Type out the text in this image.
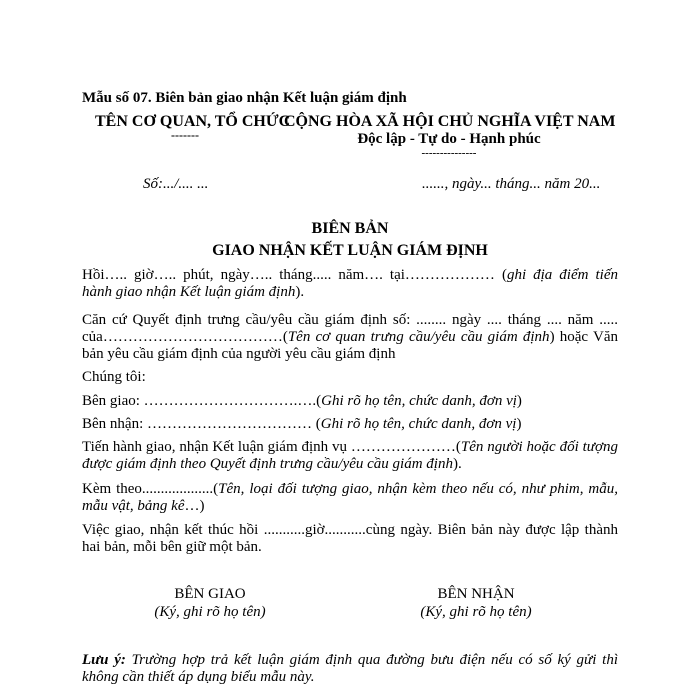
Mẫu số 07. Biên bản giao nhận Kết luận giám định
TÊN CƠ QUAN, TỔ CHỨC
-------
CỘNG HÒA XÃ HỘI CHỦ NGHĨA VIỆT NAM
Độc lập - Tự do - Hạnh phúc
---------------
Số:.../.... ...	......, ngày... tháng... năm 20...
BIÊN BẢN
GIAO NHẬN KẾT LUẬN GIÁM ĐỊNH
Hồi….. giờ….. phút, ngày….. tháng..... năm…. tại……………… (ghi địa điểm tiến hành giao nhận Kết luận giám định).
Căn cứ Quyết định trưng cầu/yêu cầu giám định số: ........ ngày .... tháng .... năm ..... của………………………………(Tên cơ quan trưng cầu/yêu cầu giám định) hoặc Văn bản yêu cầu giám định của người yêu cầu giám định
Chúng tôi:
Bên giao: ………………………….….(Ghi rõ họ tên, chức danh, đơn vị)
Bên nhận: …………………………… (Ghi rõ họ tên, chức danh, đơn vị)
Tiến hành giao, nhận Kết luận giám định vụ …………………(Tên người hoặc đối tượng được giám định theo Quyết định trưng cầu/yêu cầu giám định).
Kèm theo...................(Tên, loại đối tượng giao, nhận kèm theo nếu có, như phim, mẫu, mẫu vật, bảng kê…)
Việc giao, nhận kết thúc hồi ...........giờ...........cùng ngày. Biên bản này được lập thành hai bản, mỗi bên giữ một bản.
BÊN GIAO
(Ký, ghi rõ họ tên)
BÊN NHẬN
(Ký, ghi rõ họ tên)
Lưu ý: Trường hợp trả kết luận giám định qua đường bưu điện nếu có số ký gửi thì không cần thiết áp dụng biểu mẫu này.
